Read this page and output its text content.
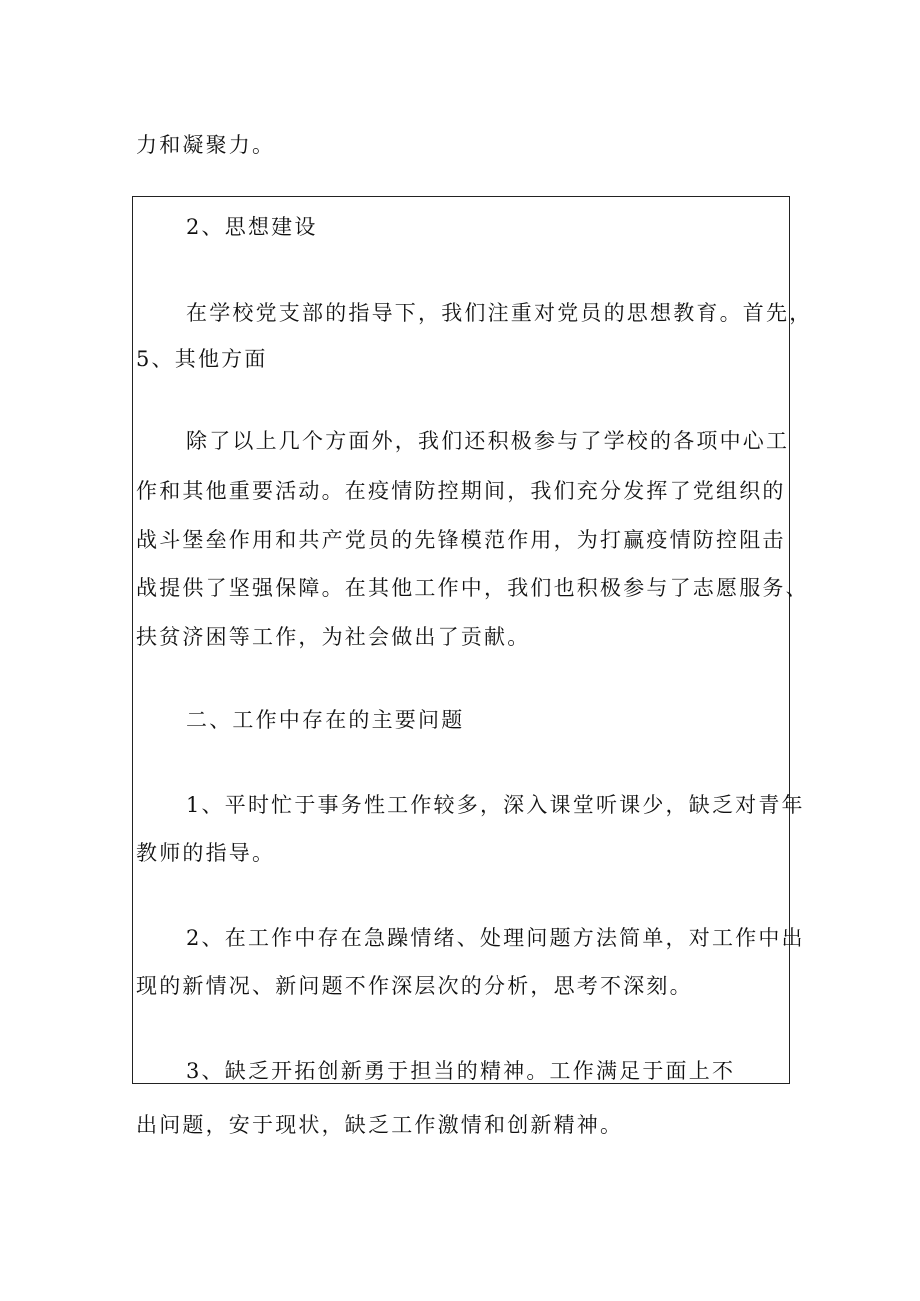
力和凝聚力。
2、思想建设
在学校党支部的指导下，我们注重对党员的思想教育。首先，
5、其他方面
除了以上几个方面外，我们还积极参与了学校的各项中心工
作和其他重要活动。在疫情防控期间，我们充分发挥了党组织的
战斗堡垒作用和共产党员的先锋模范作用，为打赢疫情防控阻击
战提供了坚强保障。在其他工作中，我们也积极参与了志愿服务、
扶贫济困等工作，为社会做出了贡献。
二、工作中存在的主要问题
1、平时忙于事务性工作较多，深入课堂听课少，缺乏对青年
教师的指导。
2、在工作中存在急躁情绪、处理问题方法简单，对工作中出
现的新情况、新问题不作深层次的分析，思考不深刻。
3、缺乏开拓创新勇于担当的精神。工作满足于面上不
出问题，安于现状，缺乏工作激情和创新精神。
